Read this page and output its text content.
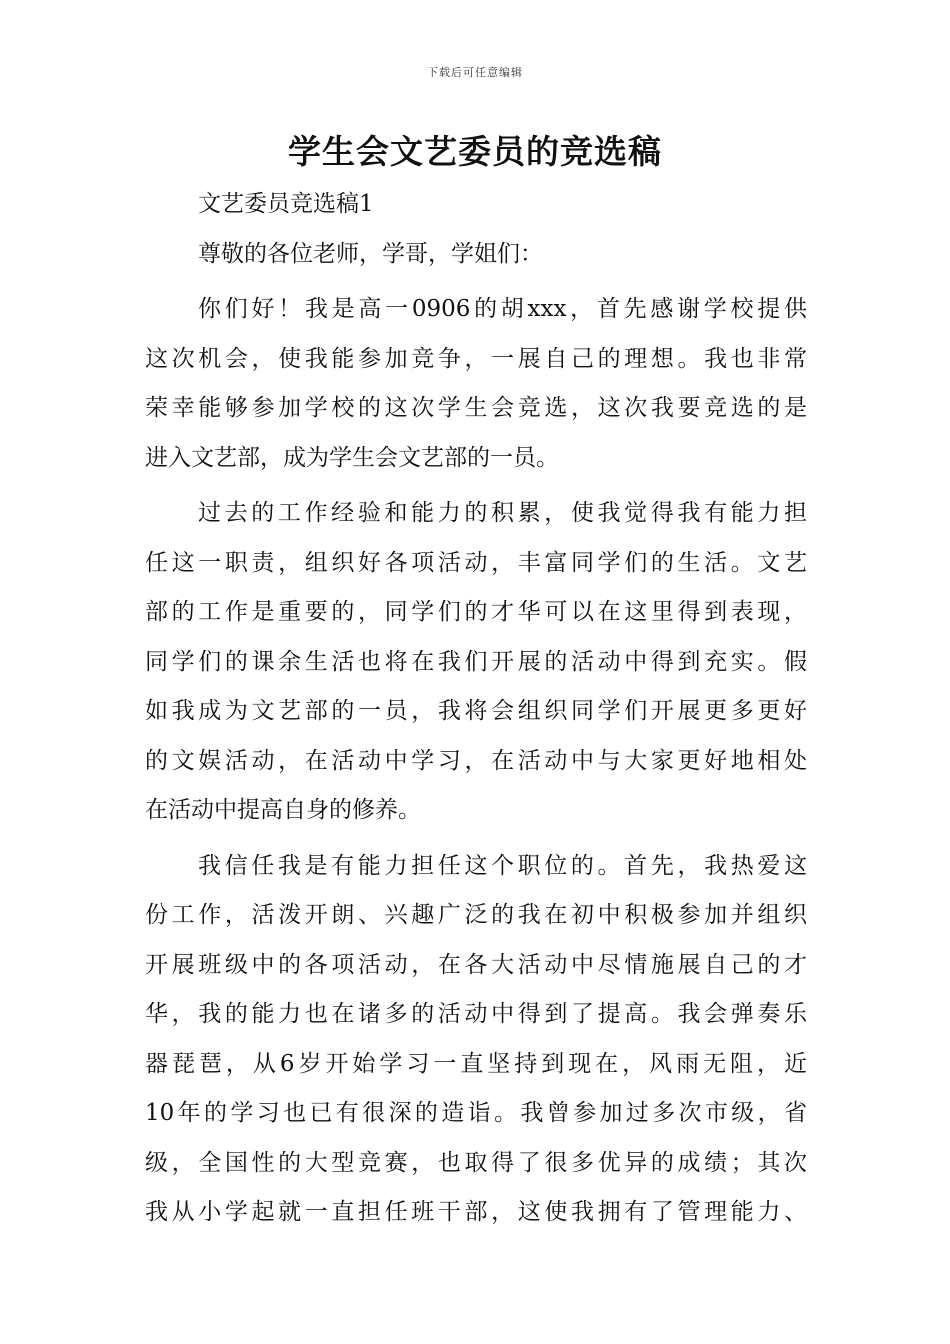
下载后可任意编辑
学生会文艺委员的竞选稿
文艺委员竞选稿1
尊敬的各位老师，学哥，学姐们：
你们好！我是高一0906的胡xxx，首先感谢学校提供
这次机会，使我能参加竞争，一展自己的理想。我也非常
荣幸能够参加学校的这次学生会竞选，这次我要竞选的是
进入文艺部，成为学生会文艺部的一员。
过去的工作经验和能力的积累，使我觉得我有能力担
任这一职责，组织好各项活动，丰富同学们的生活。文艺
部的工作是重要的，同学们的才华可以在这里得到表现，
同学们的课余生活也将在我们开展的活动中得到充实。假
如我成为文艺部的一员，我将会组织同学们开展更多更好
的文娱活动，在活动中学习，在活动中与大家更好地相处
在活动中提高自身的修养。
我信任我是有能力担任这个职位的。首先，我热爱这
份工作，活泼开朗、兴趣广泛的我在初中积极参加并组织
开展班级中的各项活动，在各大活动中尽情施展自己的才
华，我的能力也在诸多的活动中得到了提高。我会弹奏乐
器琵琶，从6岁开始学习一直坚持到现在，风雨无阻，近
10年的学习也已有很深的造诣。我曾参加过多次市级，省
级，全国性的大型竞赛，也取得了很多优异的成绩；其次
我从小学起就一直担任班干部，这使我拥有了管理能力、
